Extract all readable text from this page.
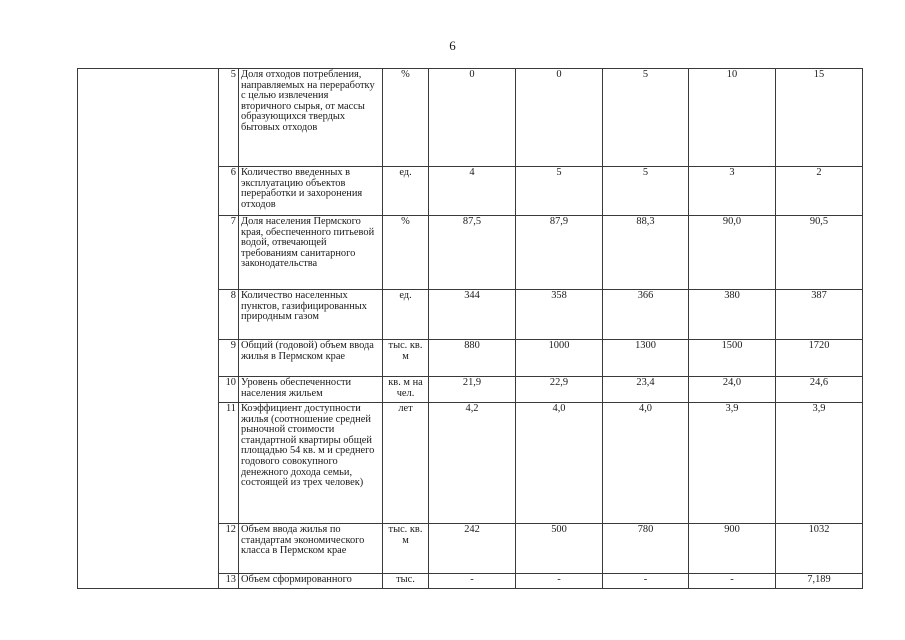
6
	5	Доля отходов потребления, направляемых на переработку с целью извлечения вторичного сырья, от массы образующихся твердых бытовых отходов	%	0	0	5	10	15
	6	Количество введенных в эксплуатацию объектов переработки и захоронения отходов	ед.	4	5	5	3	2
	7	Доля населения Пермского края, обеспеченного питьевой водой, отвечающей требованиям санитарного законодательства	%	87,5	87,9	88,3	90,0	90,5
	8	Количество населенных пунктов, газифицированных природным газом	ед.	344	358	366	380	387
	9	Общий (годовой) объем ввода жилья в Пермском крае	тыс. кв. м	880	1000	1300	1500	1720
	10	Уровень обеспеченности населения жильем	кв. м на чел.	21,9	22,9	23,4	24,0	24,6
	11	Коэффициент доступности жилья (соотношение средней рыночной стоимости стандартной квартиры общей площадью 54 кв. м и среднего годового совокупного денежного дохода семьи, состоящей из трех человек)	лет	4,2	4,0	4,0	3,9	3,9
	12	Объем ввода жилья по стандартам экономического класса в Пермском крае	тыс. кв. м	242	500	780	900	1032
	13	Объем сформированного	тыс.	-	-	-	-	7,189
